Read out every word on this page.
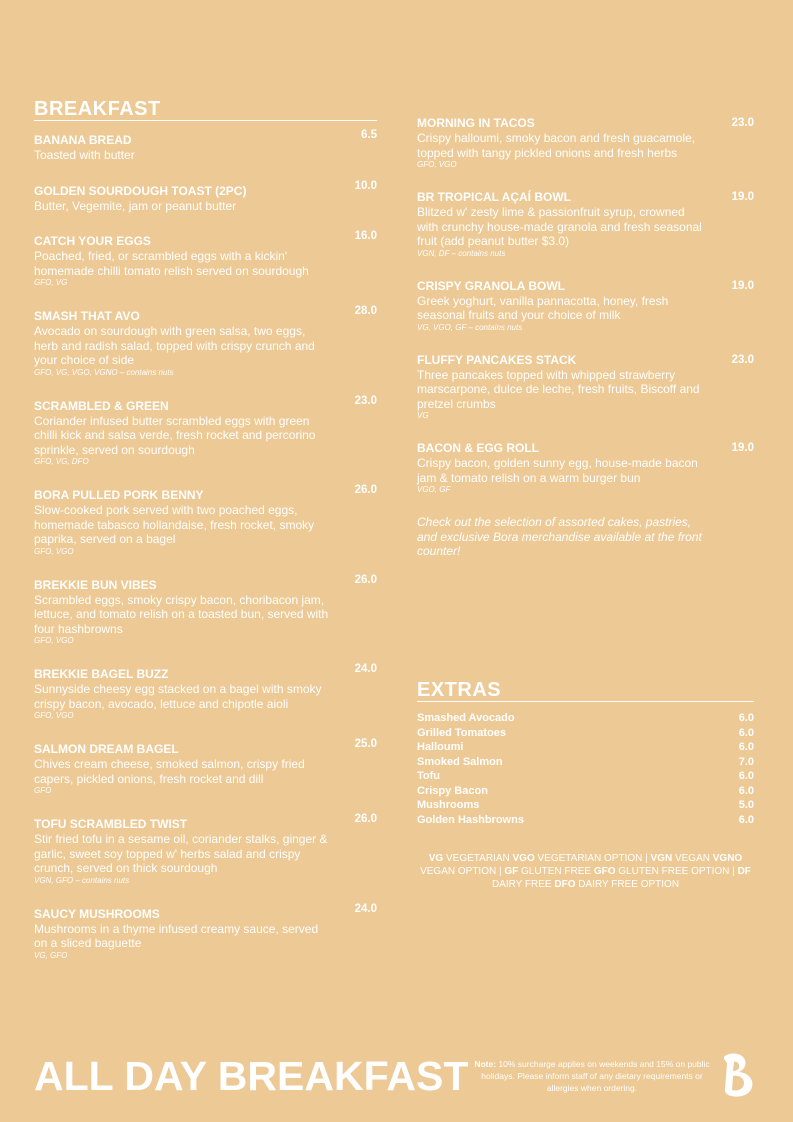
BREAKFAST
BANANA BREAD
Toasted with butter
6.5
GOLDEN SOURDOUGH TOAST (2PC)
Butter, Vegemite, jam or peanut butter
10.0
CATCH YOUR EGGS
Poached, fried, or scrambled eggs with a kickin' homemade chilli tomato relish served on sourdough
GFO, VG
16.0
SMASH THAT AVO
Avocado on sourdough with green salsa, two eggs, herb and radish salad, topped with crispy crunch and your choice of side
GFO, VG, VGO, VGNO – contains nuts
28.0
SCRAMBLED & GREEN
Coriander infused butter scrambled eggs with green chilli kick and salsa verde, fresh rocket and percorino sprinkle, served on sourdough
GFO, VG, DFO
23.0
BORA PULLED PORK BENNY
Slow-cooked pork served with two poached eggs, homemade tabasco hollandaise, fresh rocket, smoky paprika, served on a bagel
GFO, VGO
26.0
BREKKIE BUN VIBES
Scrambled eggs, smoky crispy bacon, choribacon jam, lettuce, and tomato relish on a toasted bun, served with four hashbrowns
GFO, VGO
26.0
BREKKIE BAGEL BUZZ
Sunnyside cheesy egg stacked on a bagel with smoky crispy bacon, avocado, lettuce and chipotle aioli
GFO, VGO
24.0
SALMON DREAM BAGEL
Chives cream cheese, smoked salmon, crispy fried capers, pickled onions, fresh rocket and dill
GFO
25.0
TOFU SCRAMBLED TWIST
Stir fried tofu in a sesame oil, coriander stalks, ginger & garlic, sweet soy topped w' herbs salad and crispy crunch, served on thick sourdough
VGN, GFO – contains nuts
26.0
SAUCY MUSHROOMS
Mushrooms in a thyme infused creamy sauce, served on a sliced baguette
VG, GFO
24.0
MORNING IN TACOS
Crispy halloumi, smoky bacon and fresh guacamole, topped with tangy pickled onions and fresh herbs
GFO, VGO
23.0
BR TROPICAL AÇAÍ BOWL
Blitzed w' zesty lime & passionfruit syrup, crowned with crunchy house-made granola and fresh seasonal fruit (add peanut butter $3.0)
VGN, DF – contains nuts
19.0
CRISPY GRANOLA BOWL
Greek yoghurt, vanilla pannacotta, honey, fresh seasonal fruits and your choice of milk
VG, VGO, GF – contains nuts
19.0
FLUFFY PANCAKES STACK
Three pancakes topped with whipped strawberry marscarpone, dulce de leche, fresh fruits, Biscoff and pretzel crumbs
VG
23.0
BACON & EGG ROLL
Crispy bacon, golden sunny egg, house-made bacon jam & tomato relish on a warm burger bun
VGO, GF
19.0
Check out the selection of assorted cakes, pastries, and exclusive Bora merchandise available at the front counter!
EXTRAS
Smashed Avocado	6.0
Grilled Tomatoes	6.0
Halloumi	6.0
Smoked Salmon	7.0
Tofu	6.0
Crispy Bacon	6.0
Mushrooms	5.0
Golden Hashbrowns	6.0
VG VEGETARIAN VGO VEGETARIAN OPTION | VGN VEGAN VGNO VEGAN OPTION | GF GLUTEN FREE GFO GLUTEN FREE OPTION | DF DAIRY FREE DFO DAIRY FREE OPTION
ALL DAY BREAKFAST Note: 10% surcharge applies on weekends and 15% on public holidays. Please inform staff of any dietary requirements or allergies when ordering.
